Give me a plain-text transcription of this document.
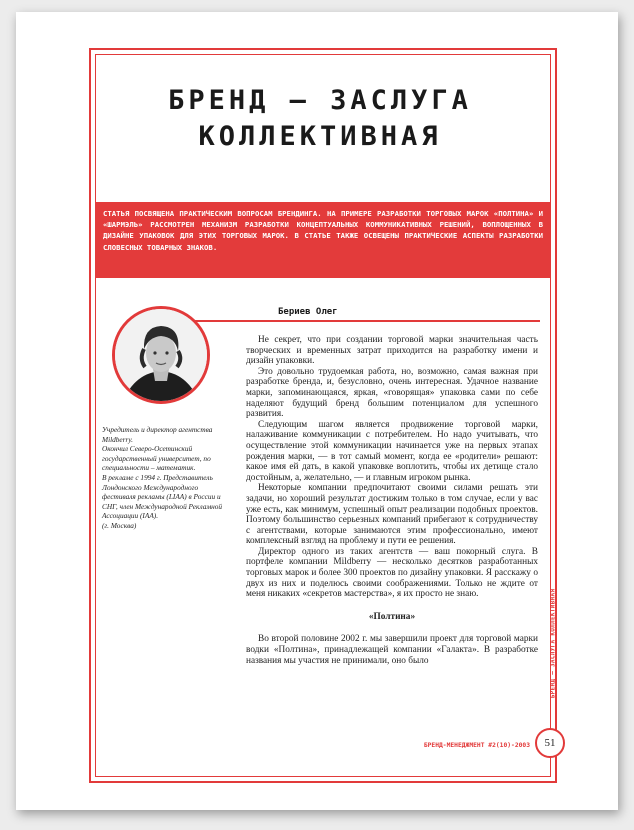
БРЕНД — ЗАСЛУГА КОЛЛЕКТИВНАЯ
СТАТЬЯ ПОСВЯЩЕНА ПРАКТИЧЕСКИМ ВОПРОСАМ БРЕНДИНГА. НА ПРИМЕРЕ РАЗРАБОТКИ ТОРГОВЫХ МАРОК «ПОЛТИНА» И «ШАРМЭЛЬ» РАССМОТРЕН МЕХАНИЗМ РАЗРАБОТКИ КОНЦЕПТУАЛЬНЫХ КОММУНИКАТИВНЫХ РЕШЕНИЙ, ВОПЛОЩЕННЫХ В ДИЗАЙНЕ УПАКОВОК ДЛЯ ЭТИХ ТОРГОВЫХ МАРОК. В СТАТЬЕ ТАКЖЕ ОСВЕЩЕНЫ ПРАКТИЧЕСКИЕ АСПЕКТЫ РАЗРАБОТКИ СЛОВЕСНЫХ ТОВАРНЫХ ЗНАКОВ.
Бериев Олег

Учредитель и директор агентства Mildberry.

Окончил Северо-Осетинский государственный университет, по специальности – математик.

В рекламе с 1994 г. Представитель Лондонского Международного фестиваля рекламы (LIAA) в России и СНГ, член Международной Рекламной Ассоциации (IAA).

(г. Москва)

Не секрет, что при создании торговой марки значительная часть творческих и временных затрат приходится на разработку имени и дизайн упаковки.

Это довольно трудоемкая работа, но, возможно, самая важная при разработке бренда, и, безусловно, очень интересная. Удачное название марки, запоминающаяся, яркая, «говорящая» упаковка сами по себе наделяют будущий бренд большим потенциалом для успешного развития.

Следующим шагом является продвижение торговой марки, налаживание коммуникации с потребителем. Но надо учитывать, что осуществление этой коммуникации начинается уже на первых этапах рождения марки, — в тот самый момент, когда ее «родители» решают: какое имя ей дать, в какой упаковке воплотить, чтобы их детище стало достойным, а, желательно, — и главным игроком рынка.

Некоторые компании предпочитают своими силами решать эти задачи, но хороший результат достижим только в том случае, если у вас уже есть, как минимум, успешный опыт реализации подобных проектов. Поэтому большинство серьезных компаний прибегают к сотрудничеству с агентствами, которые занимаются этим профессионально, имеют комплексный взгляд на проблему и пути ее решения.

Директор одного из таких агентств — ваш покорный слуга. В портфеле компании Mildberry — несколько десятков разработанных торговых марок и более 300 проектов по дизайну упаковки. Я расскажу о двух из них и поделюсь своими соображениями. Только не ждите от меня никаких «секретов мастерства», я их просто не знаю.

«Полтина»

Во второй половине 2002 г. мы завершили проект для торговой марки водки «Полтина», принадлежащей компании «Галакта». В разработке названия мы участия не принимали, оно было	БРЕНД — ЗАСЛУГА КОЛЛЕКТИВНАЯ
БРЕНД-МЕНЕДЖМЕНТ #2(10)-2003	51
